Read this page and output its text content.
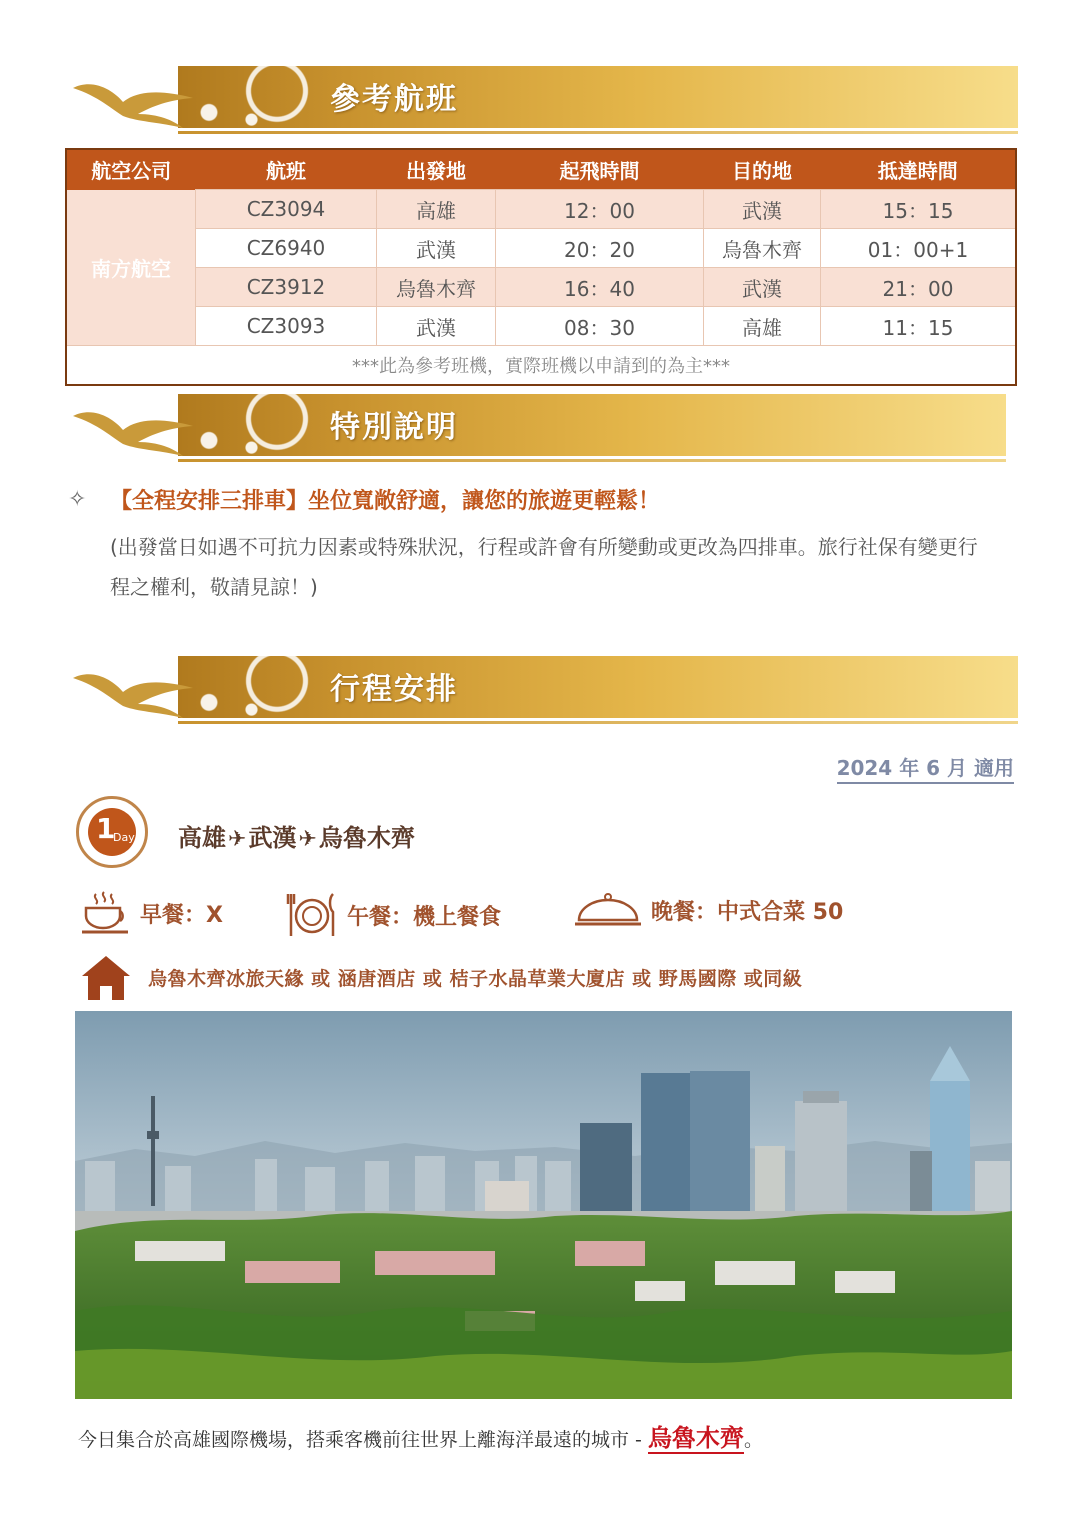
參考航班
航空公司	航班	出發地	起飛時間	目的地	抵達時間
南方航空	CZ3094	高雄	12：00	武漢	15：15
	CZ6940	武漢	20：20	烏魯木齊	01：00+1
	CZ3912	烏魯木齊	16：40	武漢	21：00
	CZ3093	武漢	08：30	高雄	11：15
***此為參考班機，實際班機以申請到的為主***					
特別說明
✧	【全程安排三排車】坐位寬敞舒適，讓您的旅遊更輕鬆！
(出發當日如遇不可抗力因素或特殊狀況，行程或許會有所變動或更改為四排車。旅行社保有變更行程之權利，敬請見諒！)
行程安排
2024 年 6 月 適用
1
Day 高雄✈武漢✈烏魯木齊
早餐：X	午餐：機上餐食	晚餐：中式合菜 50
烏魯木齊冰旅天緣 或 涵唐酒店 或 桔子水晶草業大廈店 或 野馬國際 或同級
今日集合於高雄國際機場，搭乘客機前往世界上離海洋最遠的城市 - 烏魯木齊。
